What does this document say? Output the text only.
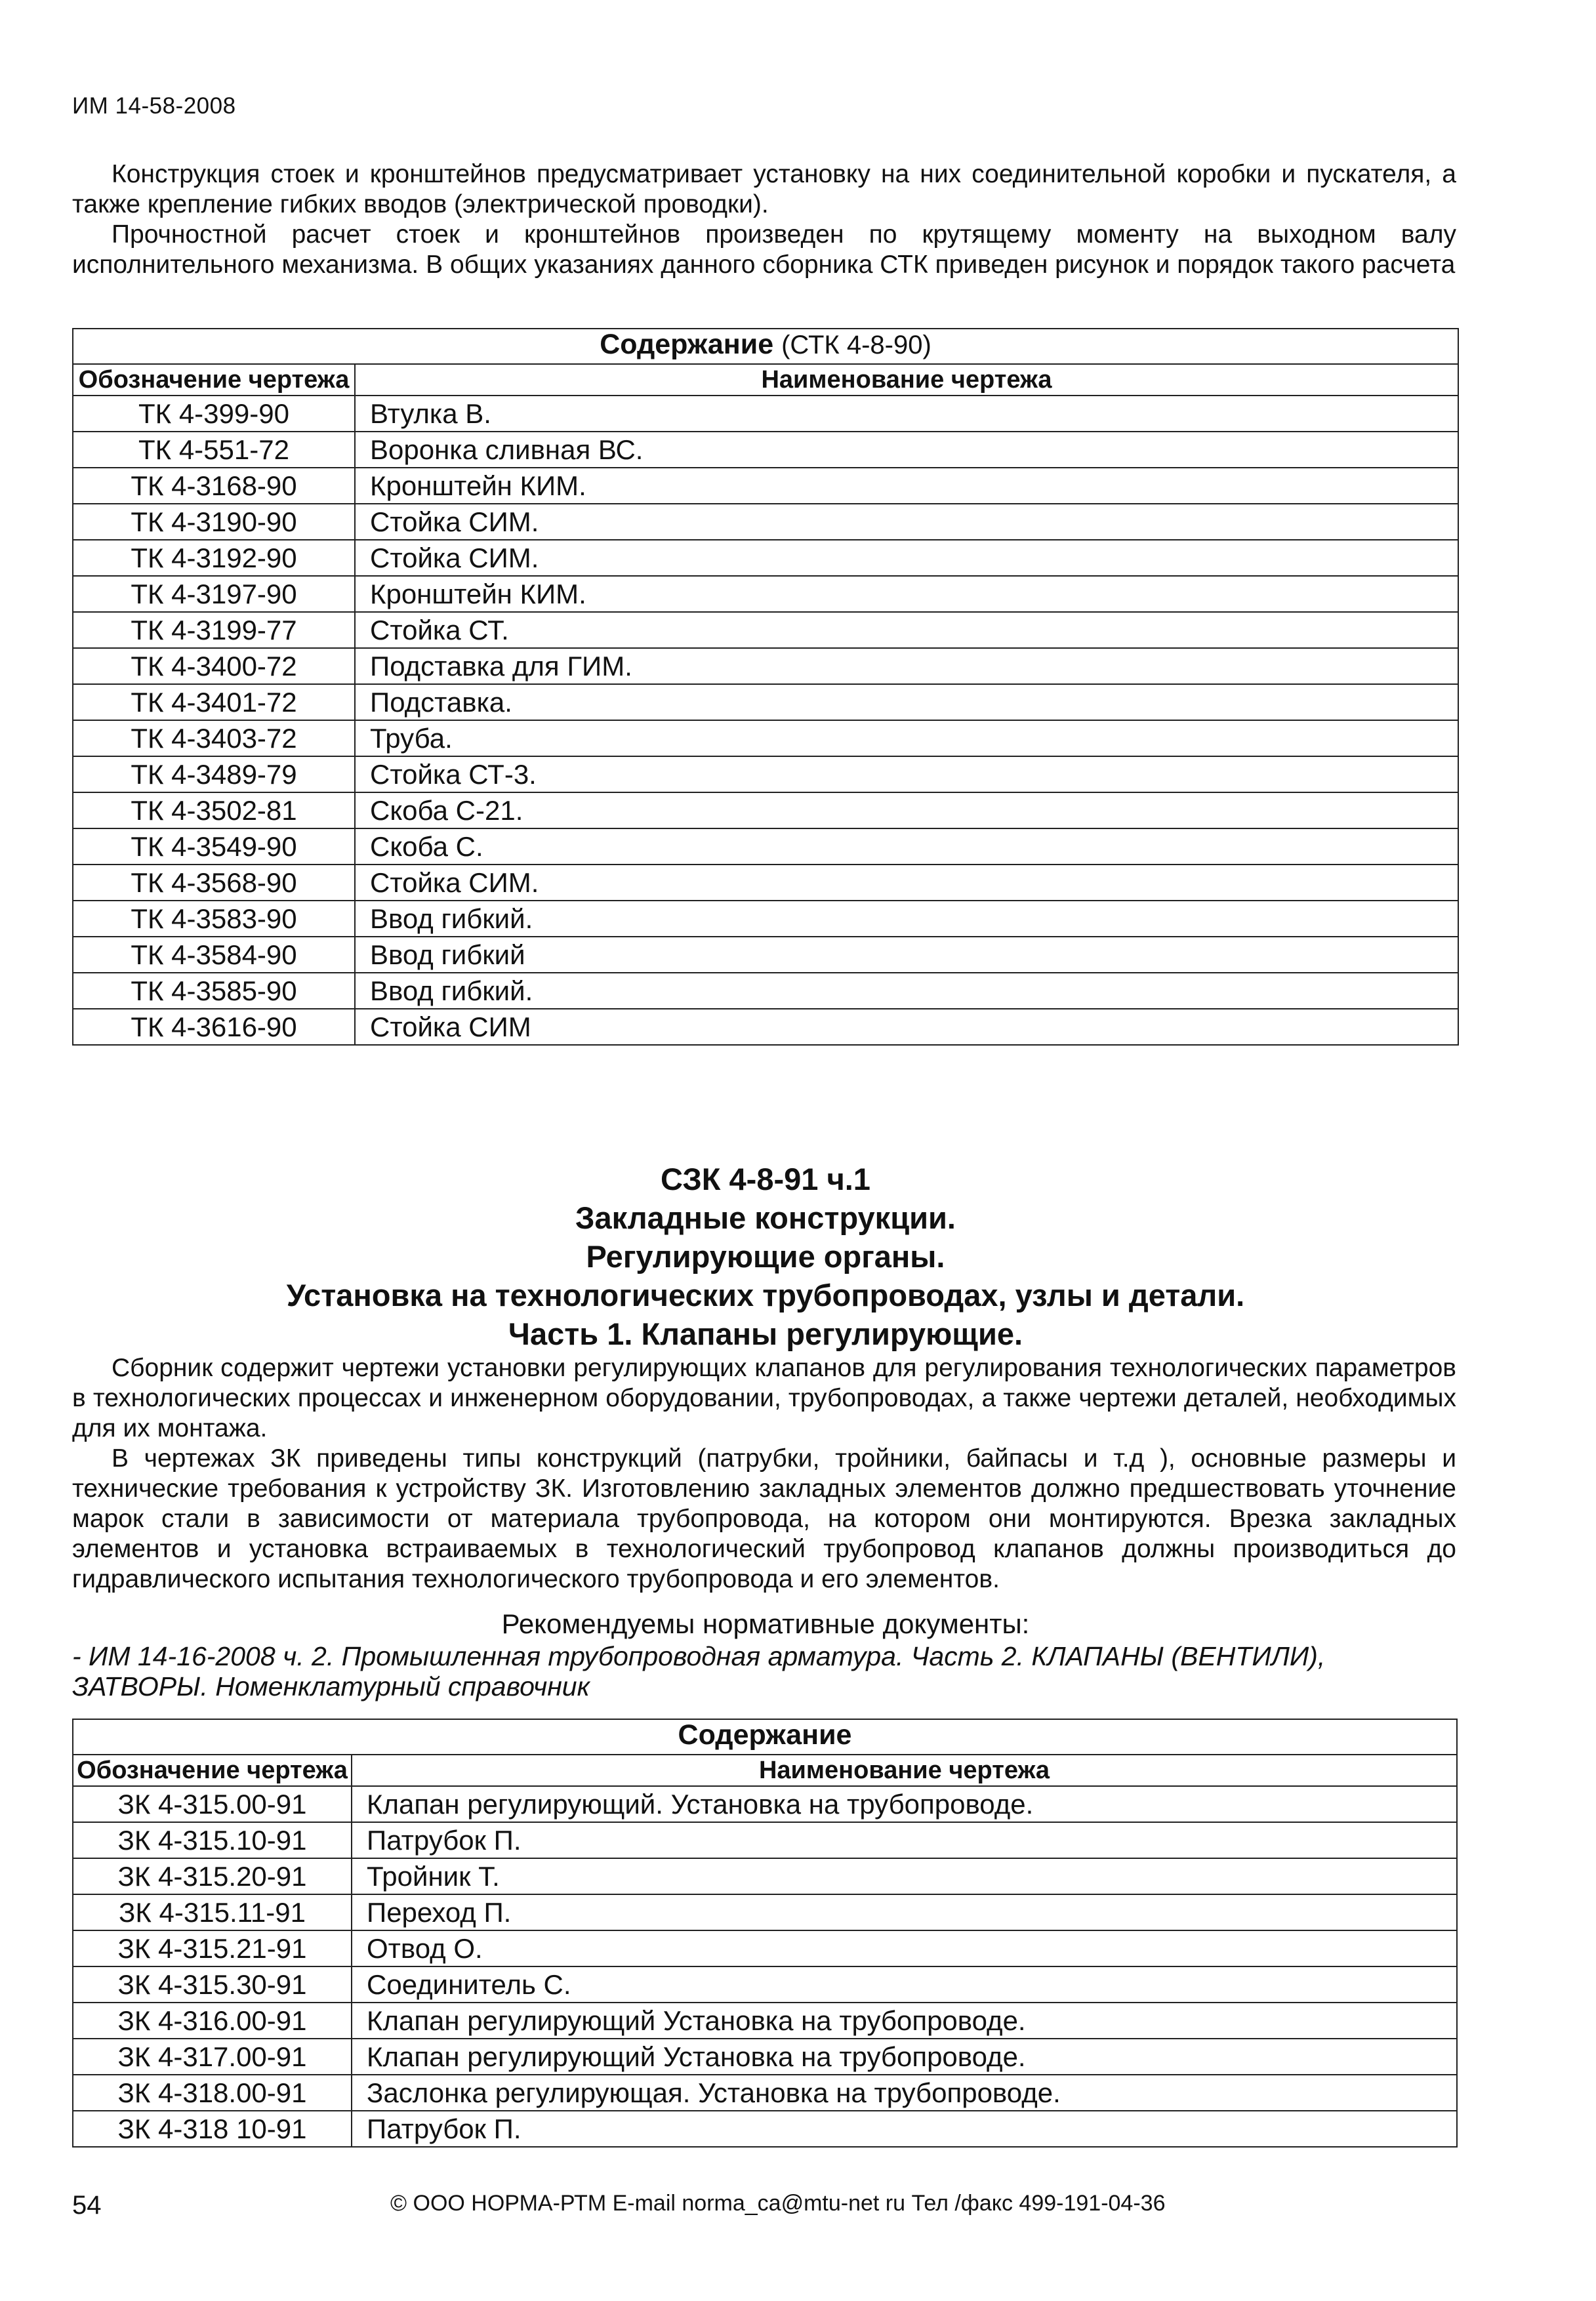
ИМ 14-58-2008

Конструкция стоек и кронштейнов предусматривает установку на них соединительной коробки и пускателя, а также крепление гибких вводов (электрической проводки).

Прочностной расчет стоек и кронштейнов произведен по крутящему моменту на выходном валу исполнительного механизма. В общих указаниях данного сборника СТК приведен рисунок и порядок такого расчета

Содержание (СТК 4-8-90)	
Обозначение чертежа	Наименование чертежа
ТК 4-399-90	Втулка В.
ТК 4-551-72	Воронка сливная ВС.
ТК 4-3168-90	Кронштейн КИМ.
ТК 4-3190-90	Стойка СИМ.
ТК 4-3192-90	Стойка СИМ.
ТК 4-3197-90	Кронштейн КИМ.
ТК 4-3199-77	Стойка СТ.
ТК 4-3400-72	Подставка для ГИМ.
ТК 4-3401-72	Подставка.
ТК 4-3403-72	Труба.
ТК 4-3489-79	Стойка СТ-3.
ТК 4-3502-81	Скоба С-21.
ТК 4-3549-90	Скоба С.
ТК 4-3568-90	Стойка СИМ.
ТК 4-3583-90	Ввод гибкий.
ТК 4-3584-90	Ввод гибкий
ТК 4-3585-90	Ввод гибкий.
ТК 4-3616-90	Стойка СИМ
СЗК 4-8-91 ч.1
Закладные конструкции.
Регулирующие органы.
Установка на технологических трубопроводах, узлы и детали.
Часть 1. Клапаны регулирующие.

Сборник содержит чертежи установки регулирующих клапанов для регулирования технологических параметров в технологических процессах и инженерном оборудовании, трубопроводах, а также чертежи деталей, необходимых для их монтажа.

В чертежах ЗК приведены типы конструкций (патрубки, тройники, байпасы и т.д ), основные размеры и технические требования к устройству ЗК. Изготовлению закладных элементов должно предшествовать уточнение марок стали в зависимости от материала трубопровода, на котором они монтируются. Врезка закладных элементов и установка встраиваемых в технологический трубопровод клапанов должны производиться до гидравлического испытания технологического трубопровода и его элементов.

Рекомендуемы нормативные документы:
- ИМ 14-16-2008 ч. 2. Промышленная трубопроводная арматура. Часть 2. КЛАПАНЫ (ВЕНТИЛИ), ЗАТВОРЫ. Номенклатурный справочник
Содержание	
Обозначение чертежа	Наименование чертежа
ЗК 4-315.00-91	Клапан регулирующий. Установка на трубопроводе.
ЗК 4-315.10-91	Патрубок П.
ЗК 4-315.20-91	Тройник Т.
ЗК 4-315.11-91	Переход П.
ЗК 4-315.21-91	Отвод О.
ЗК 4-315.30-91	Соединитель С.
ЗК 4-316.00-91	Клапан регулирующий Установка на трубопроводе.
ЗК 4-317.00-91	Клапан регулирующий Установка на трубопроводе.
ЗК 4-318.00-91	Заслонка регулирующая. Установка на трубопроводе.
ЗК 4-318 10-91	Патрубок П.
54	© ООО НОРМА-РТМ E-mail norma_ca@mtu-net ru Тел /факс 499-191-04-36
